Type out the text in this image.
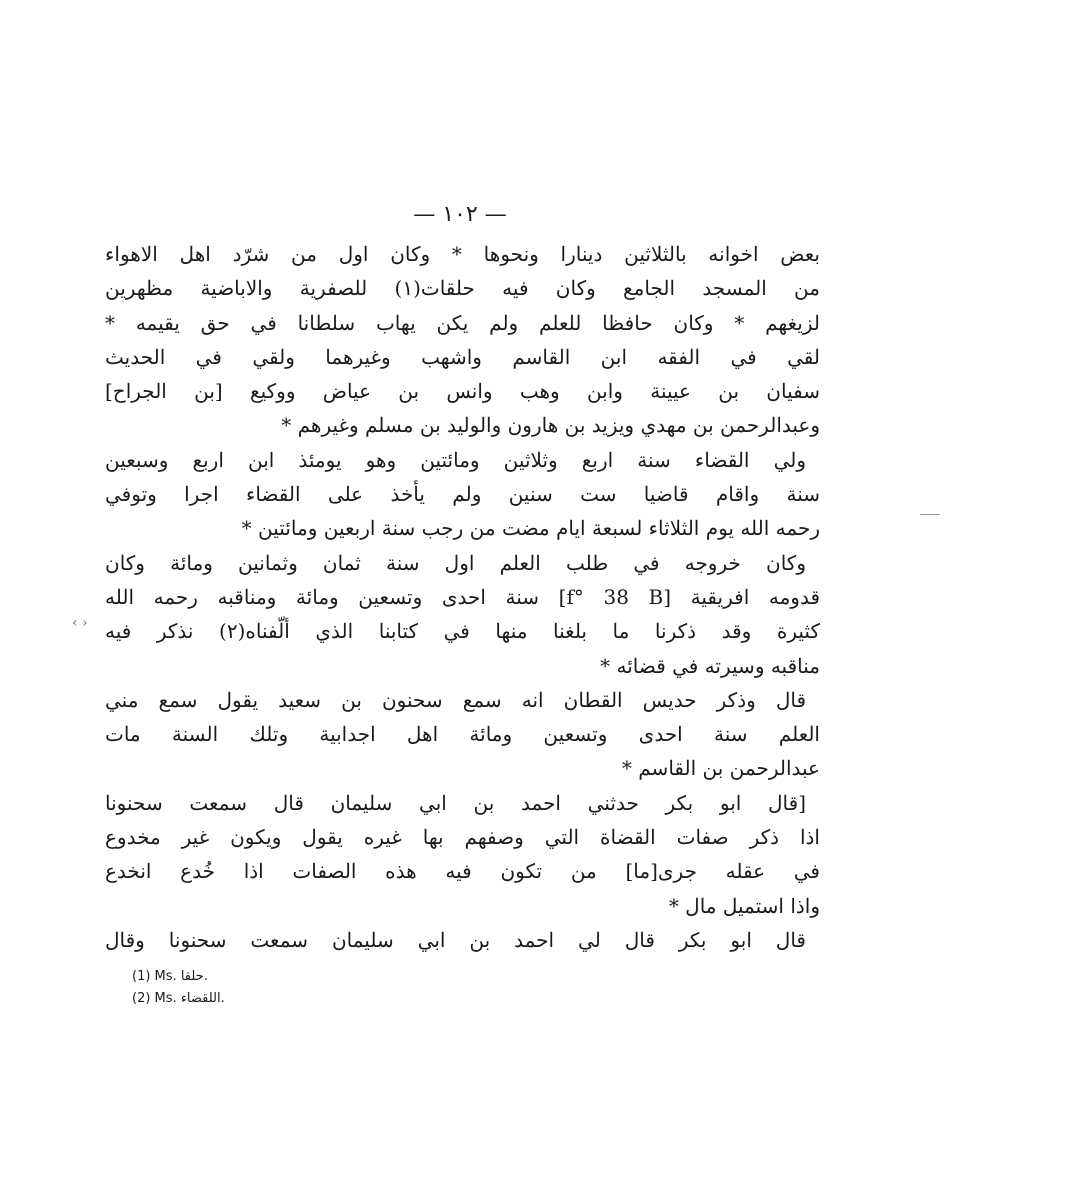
— ١٠٢ —
بعض اخوانه بالثلاثين دينارا ونحوها * وكان اول من شرّد اهل الاهواء
من المسجد الجامع وكان فيه حلقات(١) للصفرية والاباضية مظهرين
لزيغهم * وكان حافظا للعلم ولم يكن يهاب سلطانا في حق يقيمه *
لقي في الفقه ابن القاسم واشهب وغيرهما ولقي في الحديث
سفيان بن عيينة وابن وهب وانس بن عياض ووكيع [بن الجراح]
وعبدالرحمن بن مهدي ويزيد بن هارون والوليد بن مسلم وغيرهم *
ولي القضاء سنة اربع وثلاثين ومائتين وهو يومئذ ابن اربع وسبعين
سنة واقام قاضيا ست سنين ولم يأخذ على القضاء اجرا وتوفي
رحمه الله يوم الثلاثاء لسبعة ايام مضت من رجب سنة اربعين ومائتين *
وكان خروجه في طلب العلم اول سنة ثمان وثمانين ومائة وكان
قدومه افريقية [f° 38 B] سنة احدى وتسعين ومائة ومناقبه رحمه الله
كثيرة وقد ذكرنا ما بلغنا منها في كتابنا الذي ألّفناه(٢) نذكر فيه
مناقبه وسيرته في قضائه *
قال وذكر حديس القطان انه سمع سحنون بن سعيد يقول سمع مني
العلم سنة احدى وتسعين ومائة اهل اجدابية وتلك السنة مات
عبدالرحمن بن القاسم *
[قال ابو بكر حدثني احمد بن ابي سليمان قال سمعت سحنونا
اذا ذكر صفات القضاة التي وصفهم بها غيره يقول ويكون غير مخدوع
في عقله جرى[ما] من تكون فيه هذه الصفات اذا خُدع انخدع
واذا استميل مال *
قال ابو بكر قال لي احمد بن ابي سليمان سمعت سحنونا وقال
(1) Ms. حلقا.
(2) Ms. اللقضاء.
‹ ›
